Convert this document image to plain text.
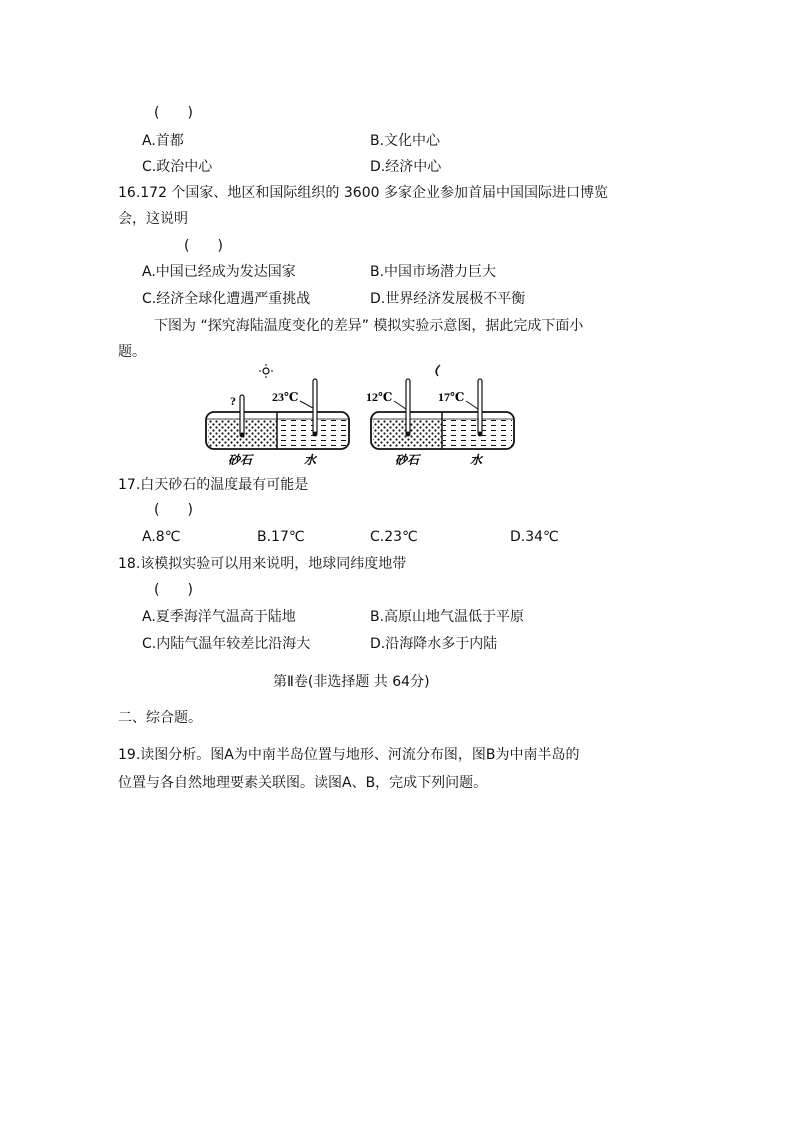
(　　)
A.首都	B.文化中心
C.政治中心	D.经济中心
16.172 个国家、地区和国际组织的 3600 多家企业参加首届中国国际进口博览
会，这说明
(　　)
A.中国已经成为发达国家	B.中国市场潜力巨大
C.经济全球化遭遇严重挑战	D.世界经济发展极不平衡
下图为 “探究海陆温度变化的差异” 模拟实验示意图，据此完成下面小
题。
?	23℃
砂石	水
12℃	17℃
砂石	水
17.白天砂石的温度最有可能是
(　　)
A.8℃	B.17℃	C.23℃	D.34℃
18.该模拟实验可以用来说明，地球同纬度地带
(　　)
A.夏季海洋气温高于陆地	B.高原山地气温低于平原
C.内陆气温年较差比沿海大	D.沿海降水多于内陆
第Ⅱ卷(非选择题 共 64分)
二、综合题。
19.读图分析。图A为中南半岛位置与地形、河流分布图，图B为中南半岛的
位置与各自然地理要素关联图。读图A、B，完成下列问题。
